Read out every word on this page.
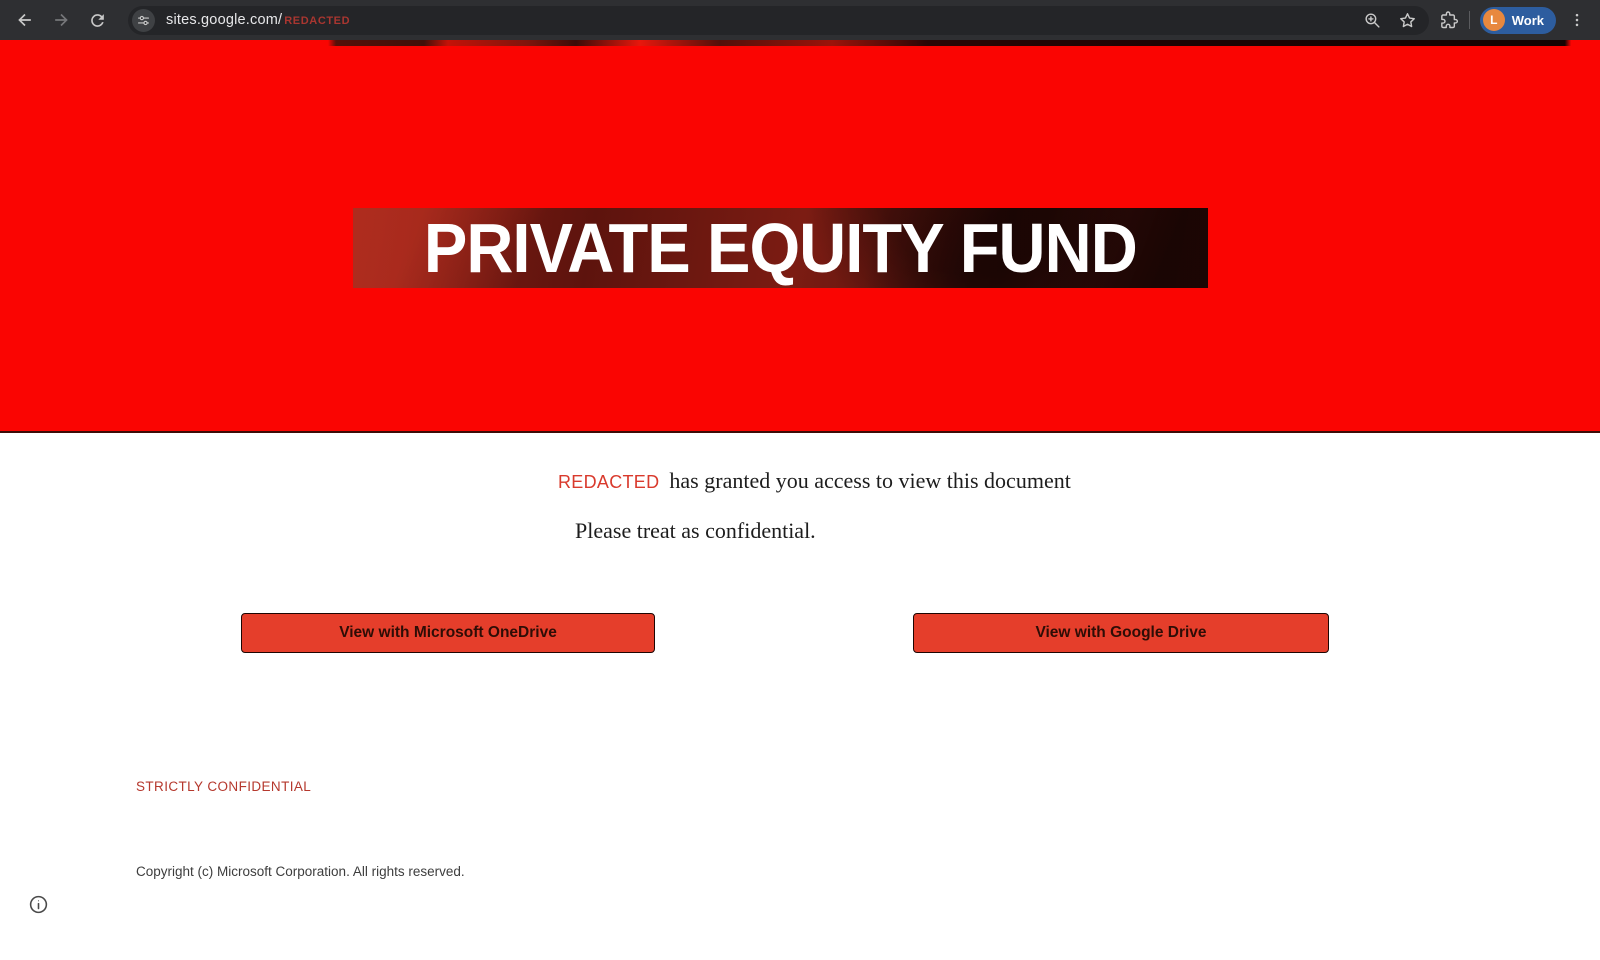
sites.google.com/ REDACTED	L	Work
PRIVATE EQUITY FUND
REDACTED has granted you access to view this document
Please treat as confidential.
View with Microsoft OneDrive	View with Google Drive
STRICTLY CONFIDENTIAL
Copyright (c) Microsoft Corporation. All rights reserved.
